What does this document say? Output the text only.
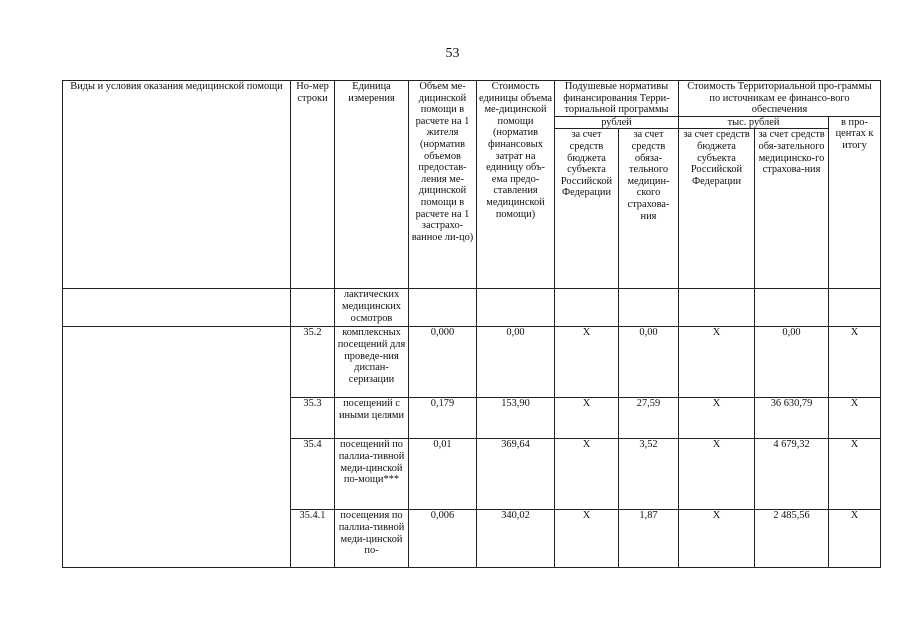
53
Виды и условия оказания медицинской помощи	Но-мер строки	Единица измерения	Объем ме-дицинской помощи в расчете на 1 жителя (норматив объемов предостав-ления ме-дицинской помощи в расчете на 1 застрахо-ванное ли-цо)	Стоимость единицы объема ме-дицинской помощи (норматив финансовых затрат на единицу объ-ема предо-ставления медицинской помощи)	Подушевые нормативы финансирования Терри-ториальной программы		Стоимость Территориальной про-граммы по источникам ее финансо-вого обеспечения		
					рублей		тыс. рублей		в про-центах к итогу
					за счет средств бюджета субъекта Российской Федерации	за счет средств обяза-тельного медицин-ского страхова-ния	за счет средств бюджета субъекта Российской Федерации	за счет средств обя-зательного медицинско-го страхова-ния	
		лактических медицинских осмотров							
	35.2	комплексных посещений для проведе-ния диспан-серизации	0,000	0,00	X	0,00	X	0,00	X
	35.3	посещений с иными целями	0,179	153,90	X	27,59	X	36 630,79	X
	35.4	посещений по паллиа-тивной меди-цинской по-мощи***	0,01	369,64	X	3,52	X	4 679,32	X
	35.4.1	посещения по паллиа-тивной меди-цинской по-	0,006	340,02	X	1,87	X	2 485,56	X
